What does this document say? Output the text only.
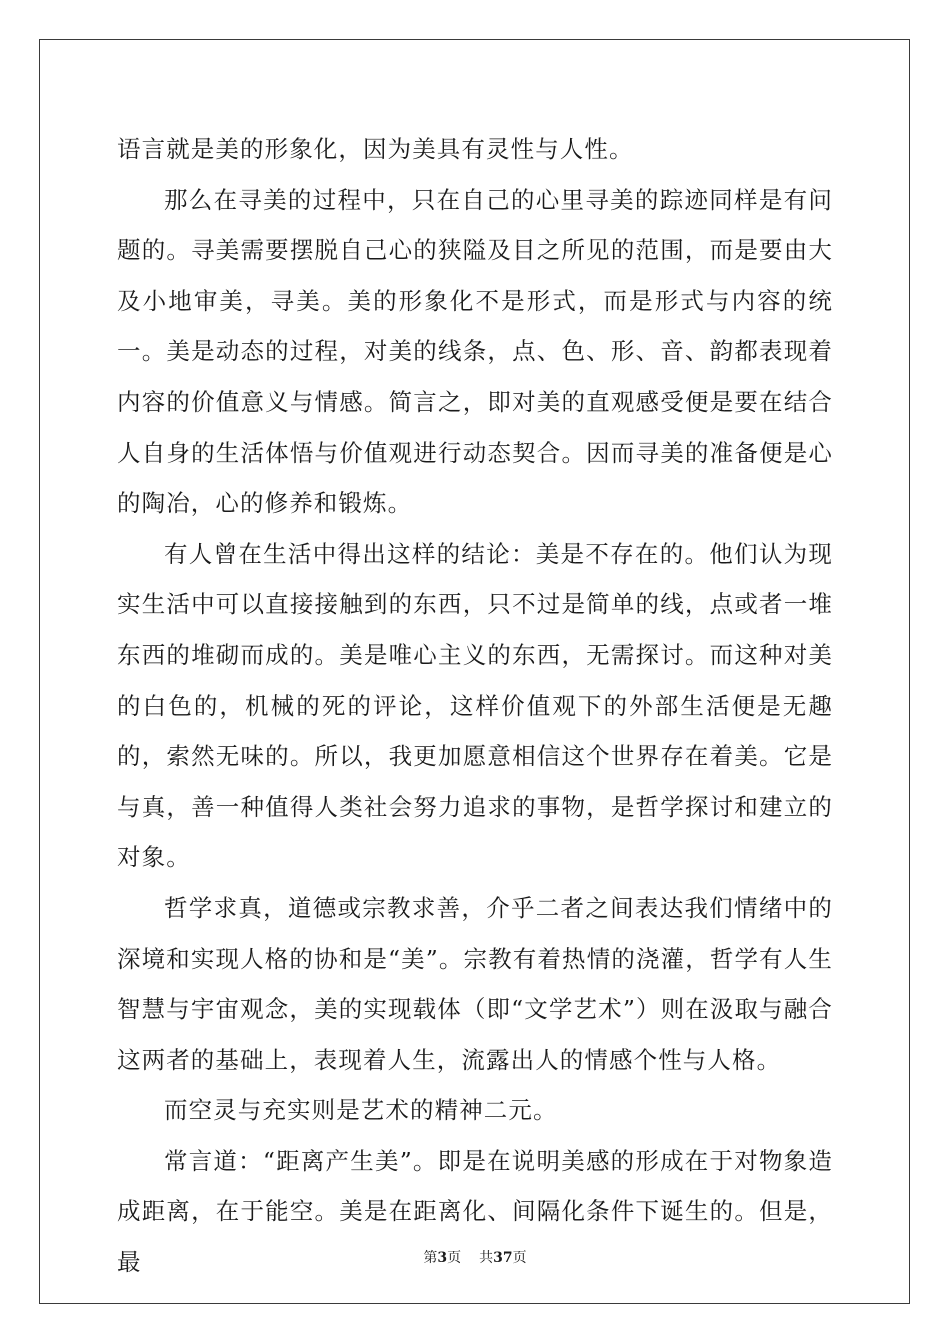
语言就是美的形象化，因为美具有灵性与人性。

那么在寻美的过程中，只在自己的心里寻美的踪迹同样是有问题的。寻美需要摆脱自己心的狭隘及目之所见的范围，而是要由大及小地审美，寻美。美的形象化不是形式，而是形式与内容的统一。美是动态的过程，对美的线条，点、色、形、音、韵都表现着内容的价值意义与情感。简言之，即对美的直观感受便是要在结合人自身的生活体悟与价值观进行动态契合。因而寻美的准备便是心的陶冶，心的修养和锻炼。

有人曾在生活中得出这样的结论：美是不存在的。他们认为现实生活中可以直接接触到的东西，只不过是简单的线，点或者一堆东西的堆砌而成的。美是唯心主义的东西，无需探讨。而这种对美的白色的，机械的死的评论，这样价值观下的外部生活便是无趣的，索然无味的。所以，我更加愿意相信这个世界存在着美。它是与真，善一种值得人类社会努力追求的事物，是哲学探讨和建立的对象。

哲学求真，道德或宗教求善，介乎二者之间表达我们情绪中的深境和实现人格的协和是“美”。宗教有着热情的浇灌，哲学有人生智慧与宇宙观念，美的实现载体（即“文学艺术”）则在汲取与融合这两者的基础上，表现着人生，流露出人的情感个性与人格。

而空灵与充实则是艺术的精神二元。

常言道：“距离产生美”。即是在说明美感的形成在于对物象造成距离，在于能空。美是在距离化、间隔化条件下诞生的。但是，最	第3页 共37页
